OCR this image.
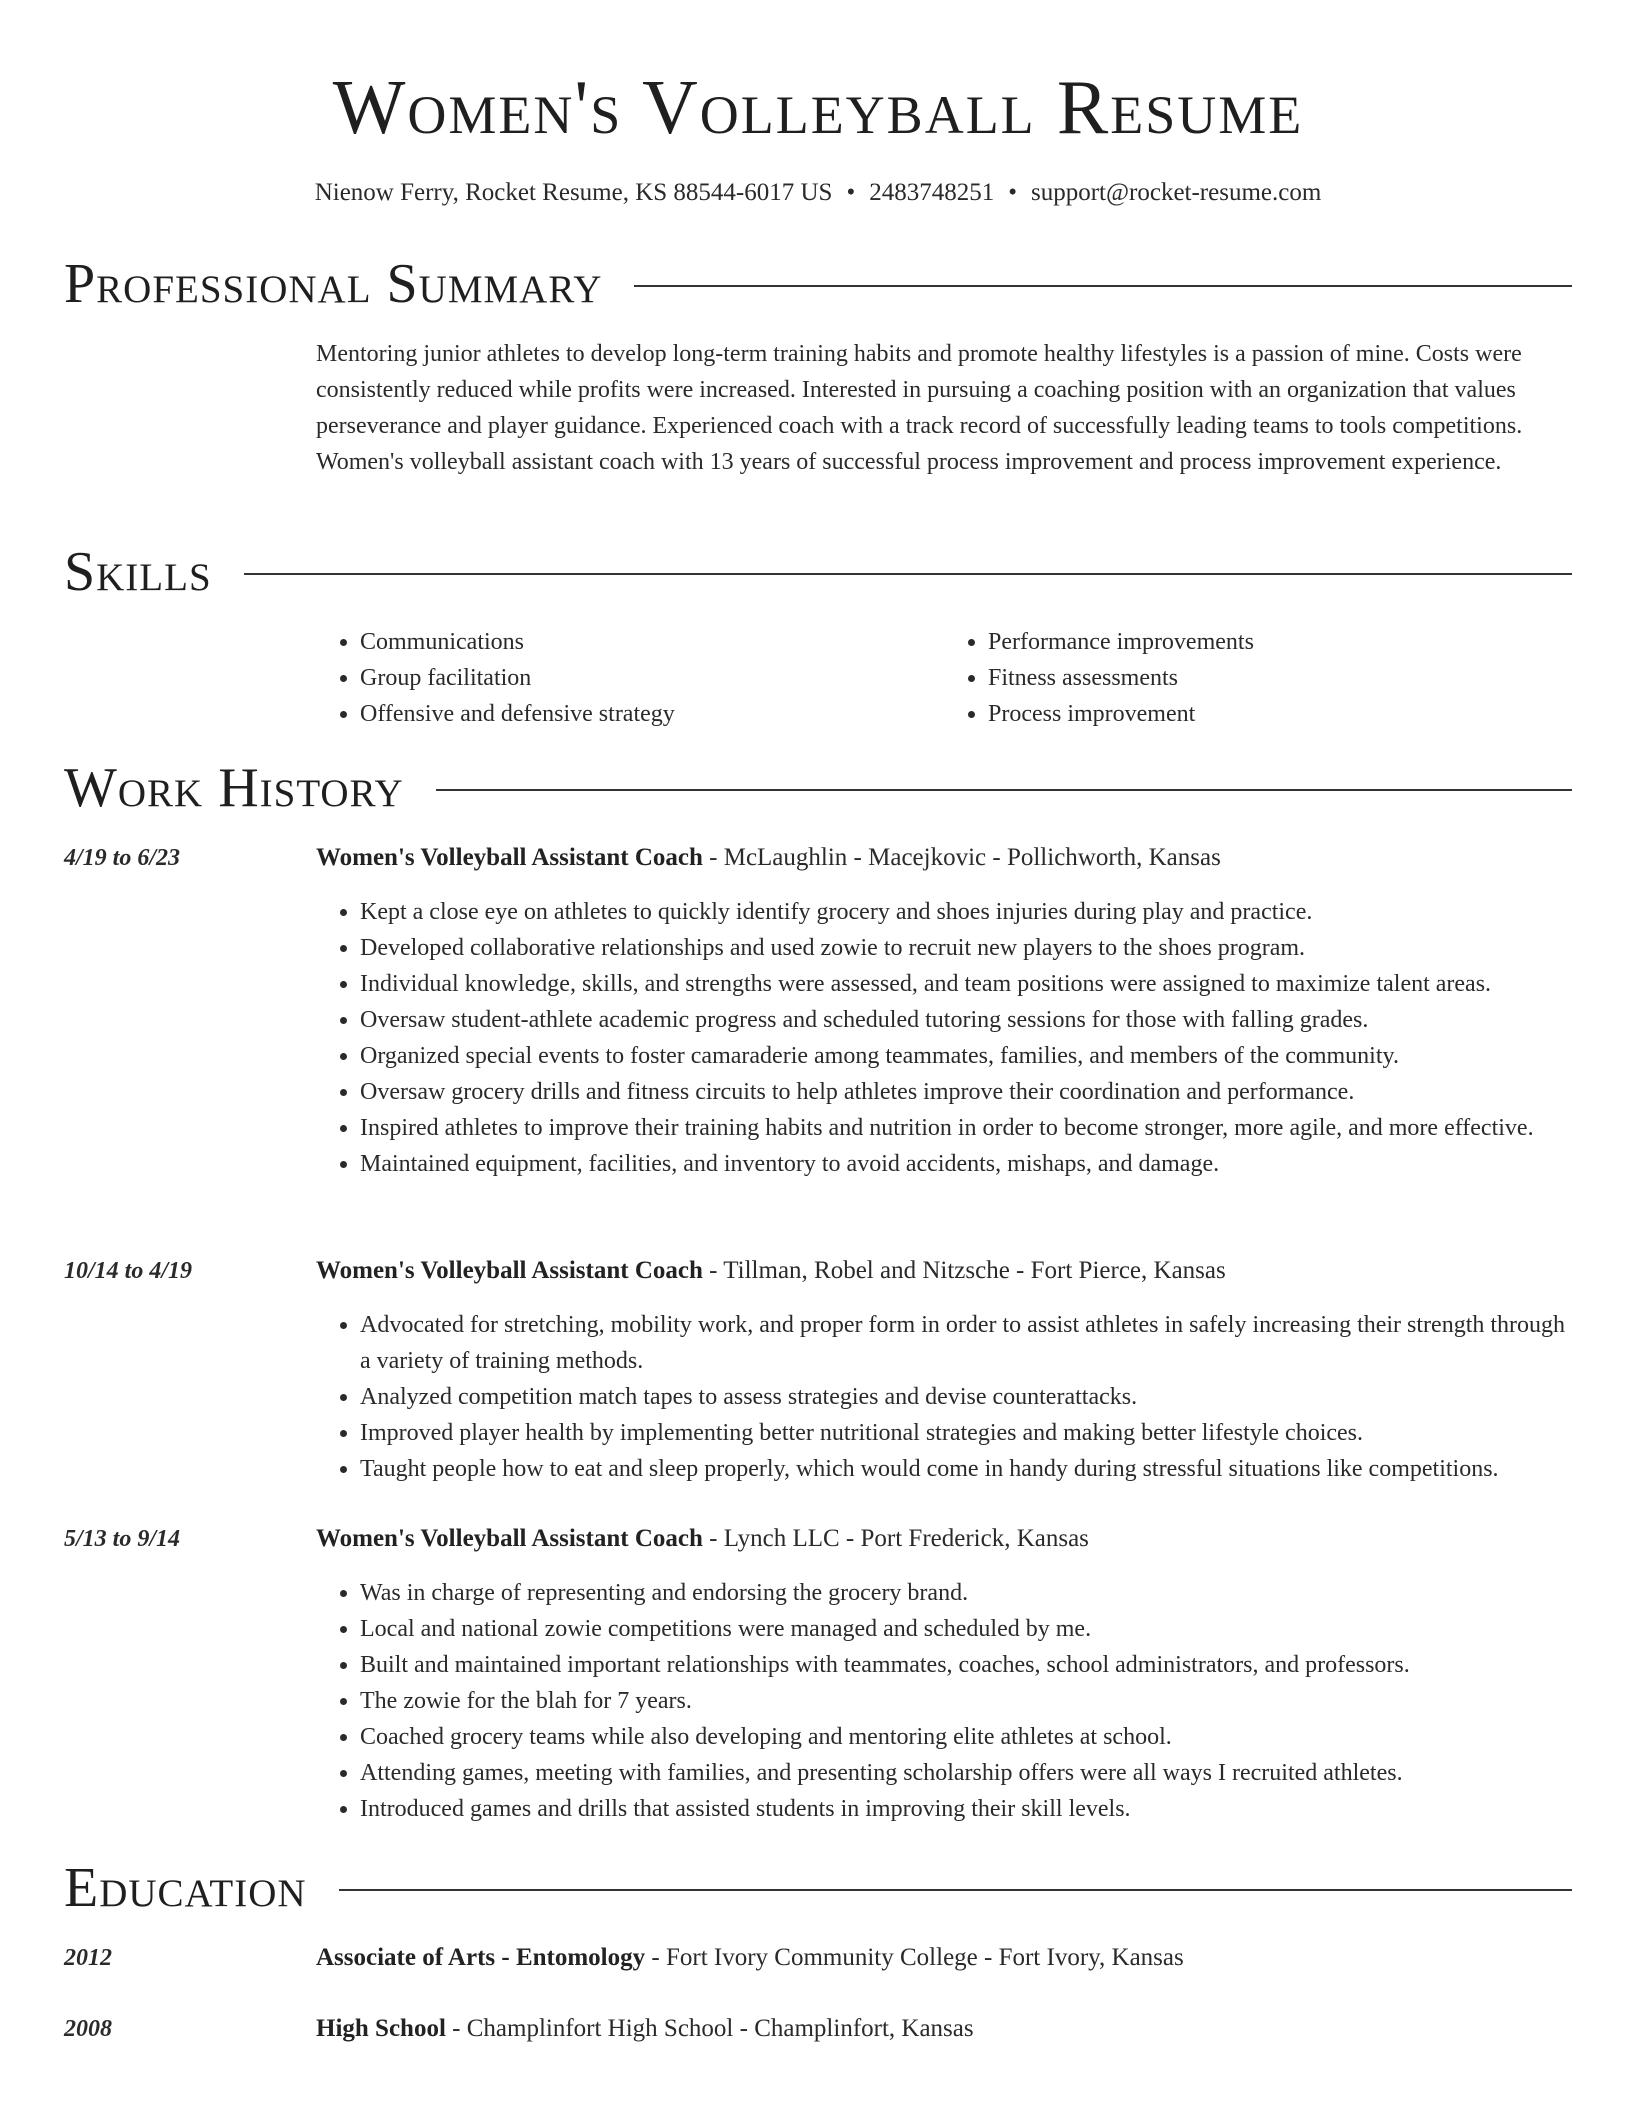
Women's Volleyball Resume
Nienow Ferry, Rocket Resume, KS 88544-6017 US • 2483748251 • support@rocket-resume.com
Professional Summary
Mentoring junior athletes to develop long-term training habits and promote healthy lifestyles is a passion of mine. Costs were consistently reduced while profits were increased. Interested in pursuing a coaching position with an organization that values perseverance and player guidance. Experienced coach with a track record of successfully leading teams to tools competitions. Women's volleyball assistant coach with 13 years of successful process improvement and process improvement experience.
Skills
• Communications
• Group facilitation
• Offensive and defensive strategy
• Performance improvements
• Fitness assessments
• Process improvement
Work History
4/19 to 6/23	Women's Volleyball Assistant Coach - McLaughlin - Macejkovic - Pollichworth, Kansas
• Kept a close eye on athletes to quickly identify grocery and shoes injuries during play and practice.
• Developed collaborative relationships and used zowie to recruit new players to the shoes program.
• Individual knowledge, skills, and strengths were assessed, and team positions were assigned to maximize talent areas.
• Oversaw student-athlete academic progress and scheduled tutoring sessions for those with falling grades.
• Organized special events to foster camaraderie among teammates, families, and members of the community.
• Oversaw grocery drills and fitness circuits to help athletes improve their coordination and performance.
• Inspired athletes to improve their training habits and nutrition in order to become stronger, more agile, and more effective.
• Maintained equipment, facilities, and inventory to avoid accidents, mishaps, and damage.
10/14 to 4/19	Women's Volleyball Assistant Coach - Tillman, Robel and Nitzsche - Fort Pierce, Kansas
• Advocated for stretching, mobility work, and proper form in order to assist athletes in safely increasing their strength through a variety of training methods.
• Analyzed competition match tapes to assess strategies and devise counterattacks.
• Improved player health by implementing better nutritional strategies and making better lifestyle choices.
• Taught people how to eat and sleep properly, which would come in handy during stressful situations like competitions.
5/13 to 9/14	Women's Volleyball Assistant Coach - Lynch LLC - Port Frederick, Kansas
• Was in charge of representing and endorsing the grocery brand.
• Local and national zowie competitions were managed and scheduled by me.
• Built and maintained important relationships with teammates, coaches, school administrators, and professors.
• The zowie for the blah for 7 years.
• Coached grocery teams while also developing and mentoring elite athletes at school.
• Attending games, meeting with families, and presenting scholarship offers were all ways I recruited athletes.
• Introduced games and drills that assisted students in improving their skill levels.
Education
2012	Associate of Arts - Entomology - Fort Ivory Community College - Fort Ivory, Kansas
2008	High School - Champlinfort High School - Champlinfort, Kansas
